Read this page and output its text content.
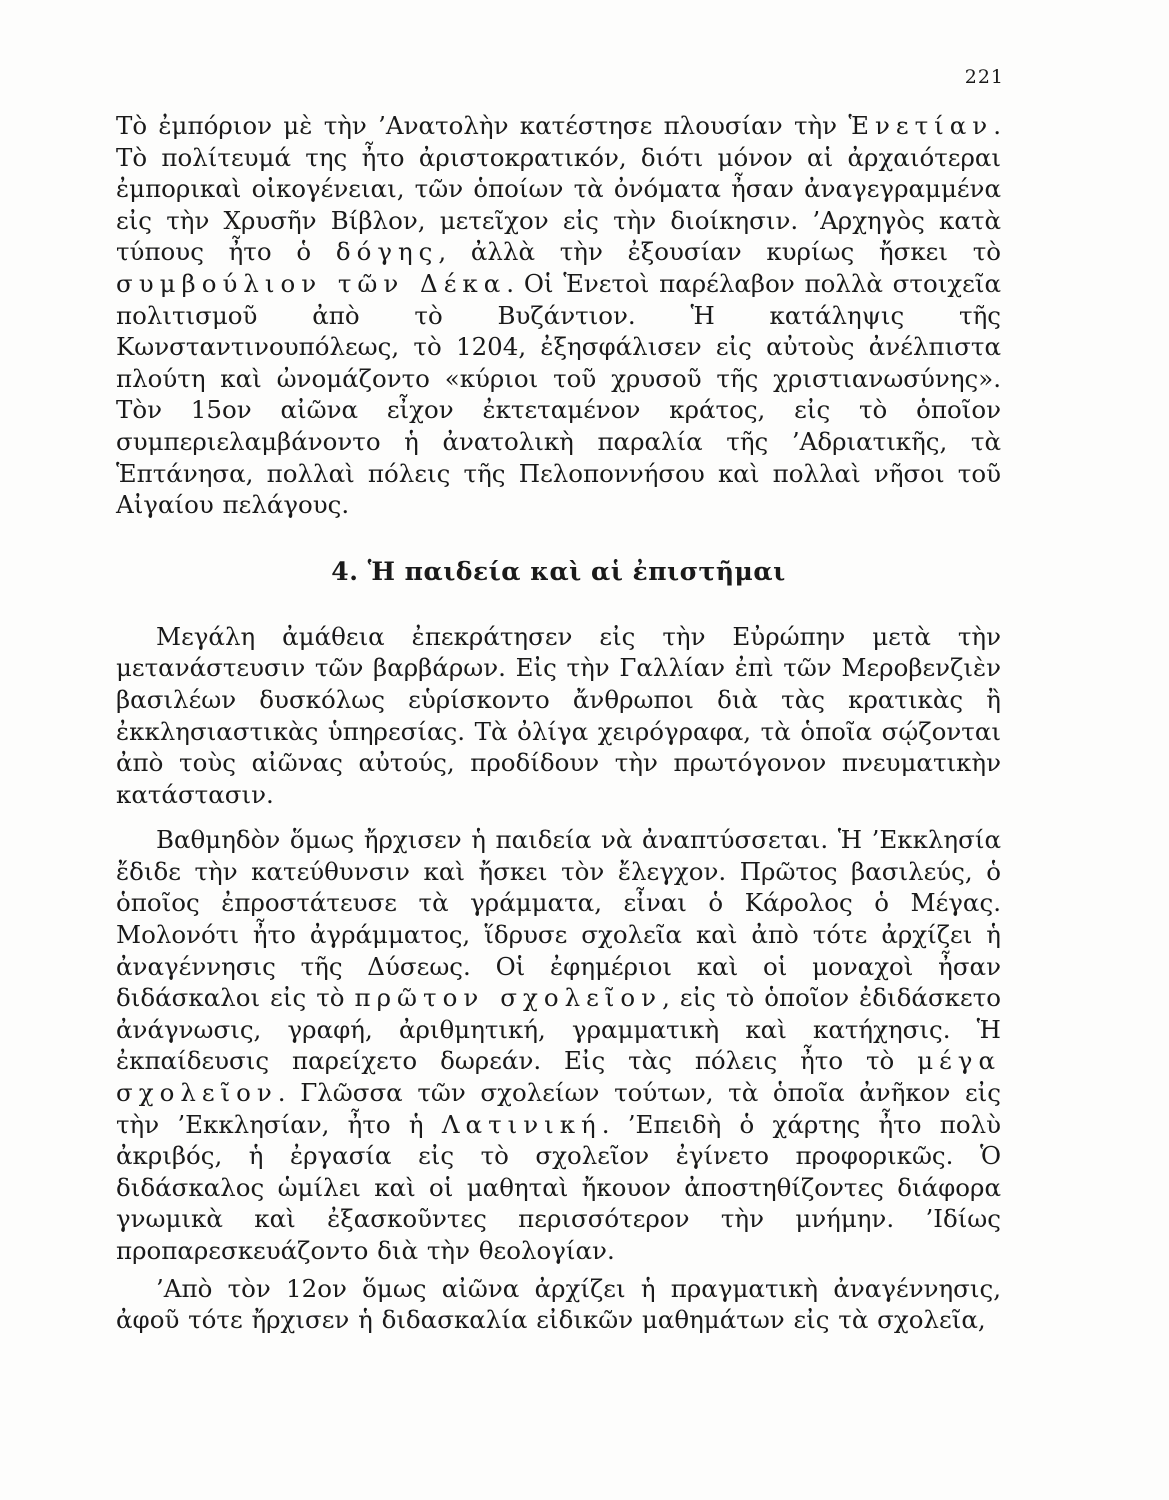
221

Τὸ ἐμπόριον μὲ τὴν ’Ανατολὴν κατέστησε πλουσίαν τὴν Ἑνετίαν. Τὸ πολίτευμά της ἦτο ἀριστοκρατικόν, διότι μόνον αἱ ἀρχαιότεραι ἐμπορικαὶ οἰκογένειαι, τῶν ὁποίων τὰ ὀνόματα ἦσαν ἀναγεγραμμένα εἰς τὴν Χρυσῆν Βίβλον, μετεῖχον εἰς τὴν διοίκησιν. ’Αρχηγὸς κατὰ τύπους ἦτο ὁ δόγης, ἀλλὰ τὴν ἐξουσίαν κυρίως ἤσκει τὸ συμβούλιον τῶν Δέκα. Οἱ Ἑνετοὶ παρέλαβον πολλὰ στοιχεῖα πολιτισμοῦ ἀπὸ τὸ Βυζάντιον. Ἡ κατάληψις τῆς Κωνσταντινουπόλεως, τὸ 1204, ἐξησφάλισεν εἰς αὐτοὺς ἀνέλπιστα πλούτη καὶ ὠνομάζοντο «κύριοι τοῦ χρυσοῦ τῆς χριστιανωσύνης». Τὸν 15ον αἰῶνα εἶχον ἐκτεταμένον κράτος, εἰς τὸ ὁποῖον συμπεριελαμβάνοντο ἡ ἀνατολικὴ παραλία τῆς ’Αδριατικῆς, τὰ Ἑπτάνησα, πολλαὶ πόλεις τῆς Πελοποννήσου καὶ πολλαὶ νῆσοι τοῦ Αἰγαίου πελάγους.

4. Ἡ παιδεία καὶ αἱ ἐπιστῆμαι

Μεγάλη ἀμάθεια ἐπεκράτησεν εἰς τὴν Εὐρώπην μετὰ τὴν μετανάστευσιν τῶν βαρβάρων. Εἰς τὴν Γαλλίαν ἐπὶ τῶν Μεροβενζιὲν βασιλέων δυσκόλως εὑρίσκοντο ἄνθρωποι διὰ τὰς κρατικὰς ἢ ἐκκλησιαστικὰς ὑπηρεσίας. Τὰ ὀλίγα χειρόγραφα, τὰ ὁποῖα σῴζονται ἀπὸ τοὺς αἰῶνας αὐτούς, προδίδουν τὴν πρωτόγονον πνευματικὴν κατάστασιν.

Βαθμηδὸν ὅμως ἤρχισεν ἡ παιδεία νὰ ἀναπτύσσεται. Ἡ ’Εκκλησία ἔδιδε τὴν κατεύθυνσιν καὶ ἤσκει τὸν ἔλεγχον. Πρῶτος βασιλεύς, ὁ ὁποῖος ἐπροστάτευσε τὰ γράμματα, εἶναι ὁ Κάρολος ὁ Μέγας. Μολονότι ἦτο ἀγράμματος, ἵδρυσε σχολεῖα καὶ ἀπὸ τότε ἀρχίζει ἡ ἀναγέννησις τῆς Δύσεως. Οἱ ἐφημέριοι καὶ οἱ μοναχοὶ ἦσαν διδάσκαλοι εἰς τὸ πρῶτον σχολεῖον, εἰς τὸ ὁποῖον ἐδιδάσκετο ἀνάγνωσις, γραφή, ἀριθμητική, γραμματικὴ καὶ κατήχησις. Ἡ ἐκπαίδευσις παρείχετο δωρεάν. Εἰς τὰς πόλεις ἦτο τὸ μέγα σχολεῖον. Γλῶσσα τῶν σχολείων τούτων, τὰ ὁποῖα ἀνῆκον εἰς τὴν ’Εκκλησίαν, ἦτο ἡ Λατινική. ’Επειδὴ ὁ χάρτης ἦτο πολὺ ἀκριβός, ἡ ἐργασία εἰς τὸ σχολεῖον ἐγίνετο προφορικῶς. Ὁ διδάσκαλος ὡμίλει καὶ οἱ μαθηταὶ ἤκουον ἀποστηθίζοντες διάφορα γνωμικὰ καὶ ἐξασκοῦντες περισσότερον τὴν μνήμην. ’Ιδίως προπαρεσκευάζοντο διὰ τὴν θεολογίαν.

’Απὸ τὸν 12ον ὅμως αἰῶνα ἀρχίζει ἡ πραγματικὴ ἀναγέννησις, ἀφοῦ τότε ἤρχισεν ἡ διδασκαλία εἰδικῶν μαθημάτων εἰς τὰ σχολεῖα,
